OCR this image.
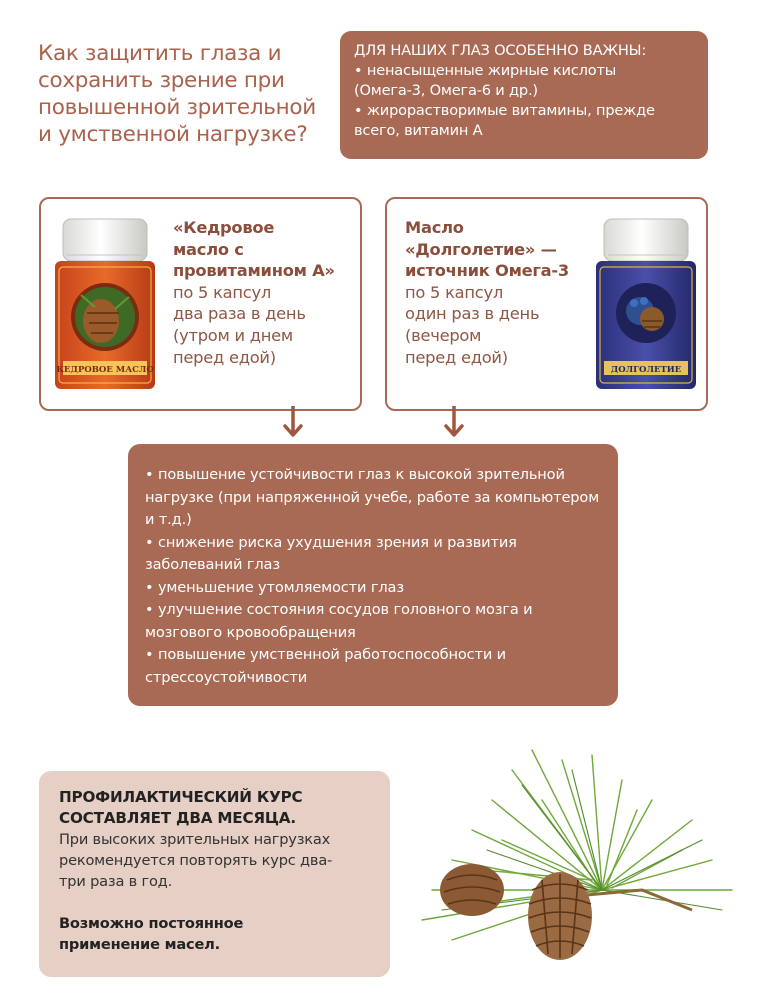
Как защитить глаза и
сохранить зрение при
повышенной зрительной
и умственной нагрузке?
ДЛЯ НАШИХ ГЛАЗ ОСОБЕННО ВАЖНЫ:
• ненасыщенные жирные кислоты
(Омега-3, Омега-6 и др.)
• жирорастворимые витамины, прежде
всего, витамин А
КЕДРОВОЕ МАСЛО
«Кедровое
масло с
провитамином А»
по 5 капсул
два раза в день
(утром и днем
перед едой)
Масло
«Долголетие» —
источник Омега-3
по 5 капсул
один раз в день
(вечером
перед едой)
ДОЛГОЛЕТИЕ
• повышение устойчивости глаз к высокой зрительной нагрузке (при напряженной учебе, работе за компьютером и т.д.)
• снижение риска ухудшения зрения и развития заболеваний глаз
• уменьшение утомляемости глаз
• улучшение состояния сосудов головного мозга и мозгового кровообращения
• повышение умственной работоспособности и стрессоустойчивости
ПРОФИЛАКТИЧЕСКИЙ КУРС
СОСТАВЛЯЕТ ДВА МЕСЯЦА.
При высоких зрительных нагрузках
рекомендуется повторять курс два-
три раза в год.
Возможно постоянное
применение масел.
